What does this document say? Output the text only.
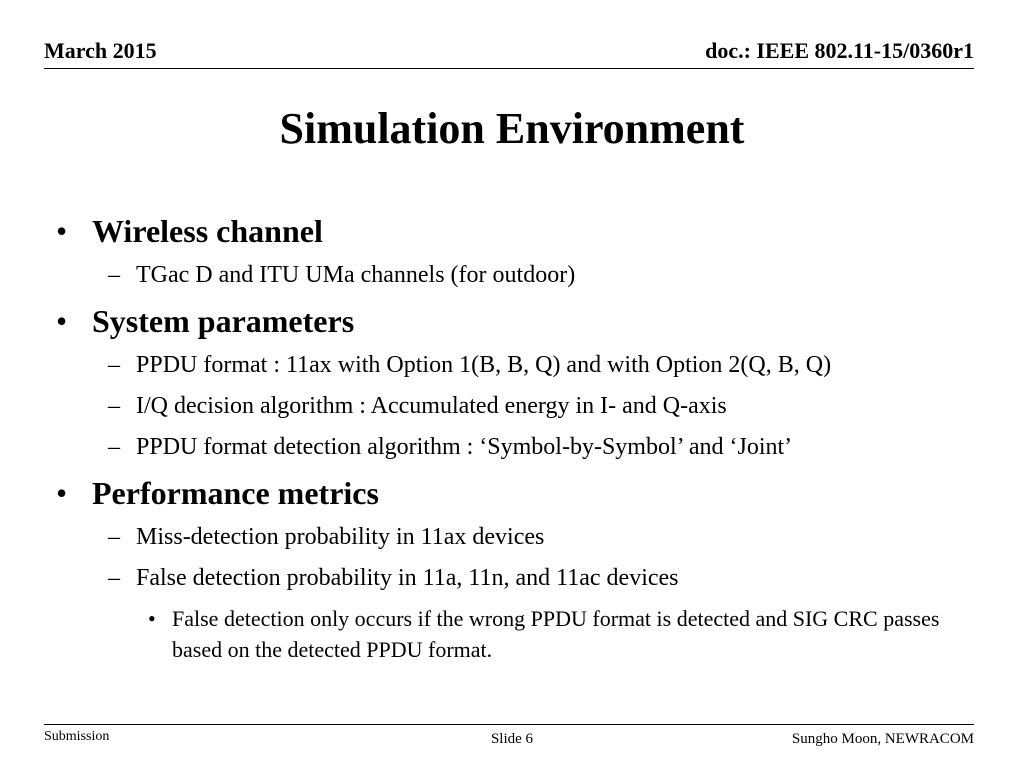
March 2015	doc.: IEEE 802.11-15/0360r1
Simulation Environment
• Wireless channel
– TGac D and ITU UMa channels (for outdoor)
• System parameters
– PPDU format : 11ax with Option 1(B, B, Q) and with Option 2(Q, B, Q)
– I/Q decision algorithm : Accumulated energy in I- and Q-axis
– PPDU format detection algorithm : ‘Symbol-by-Symbol’ and ‘Joint’
• Performance metrics
– Miss-detection probability in 11ax devices
– False detection probability in 11a, 11n, and 11ac devices
• False detection only occurs if the wrong PPDU format is detected and SIG CRC passes based on the detected PPDU format.
Submission	Slide 6	Sungho Moon, NEWRACOM
